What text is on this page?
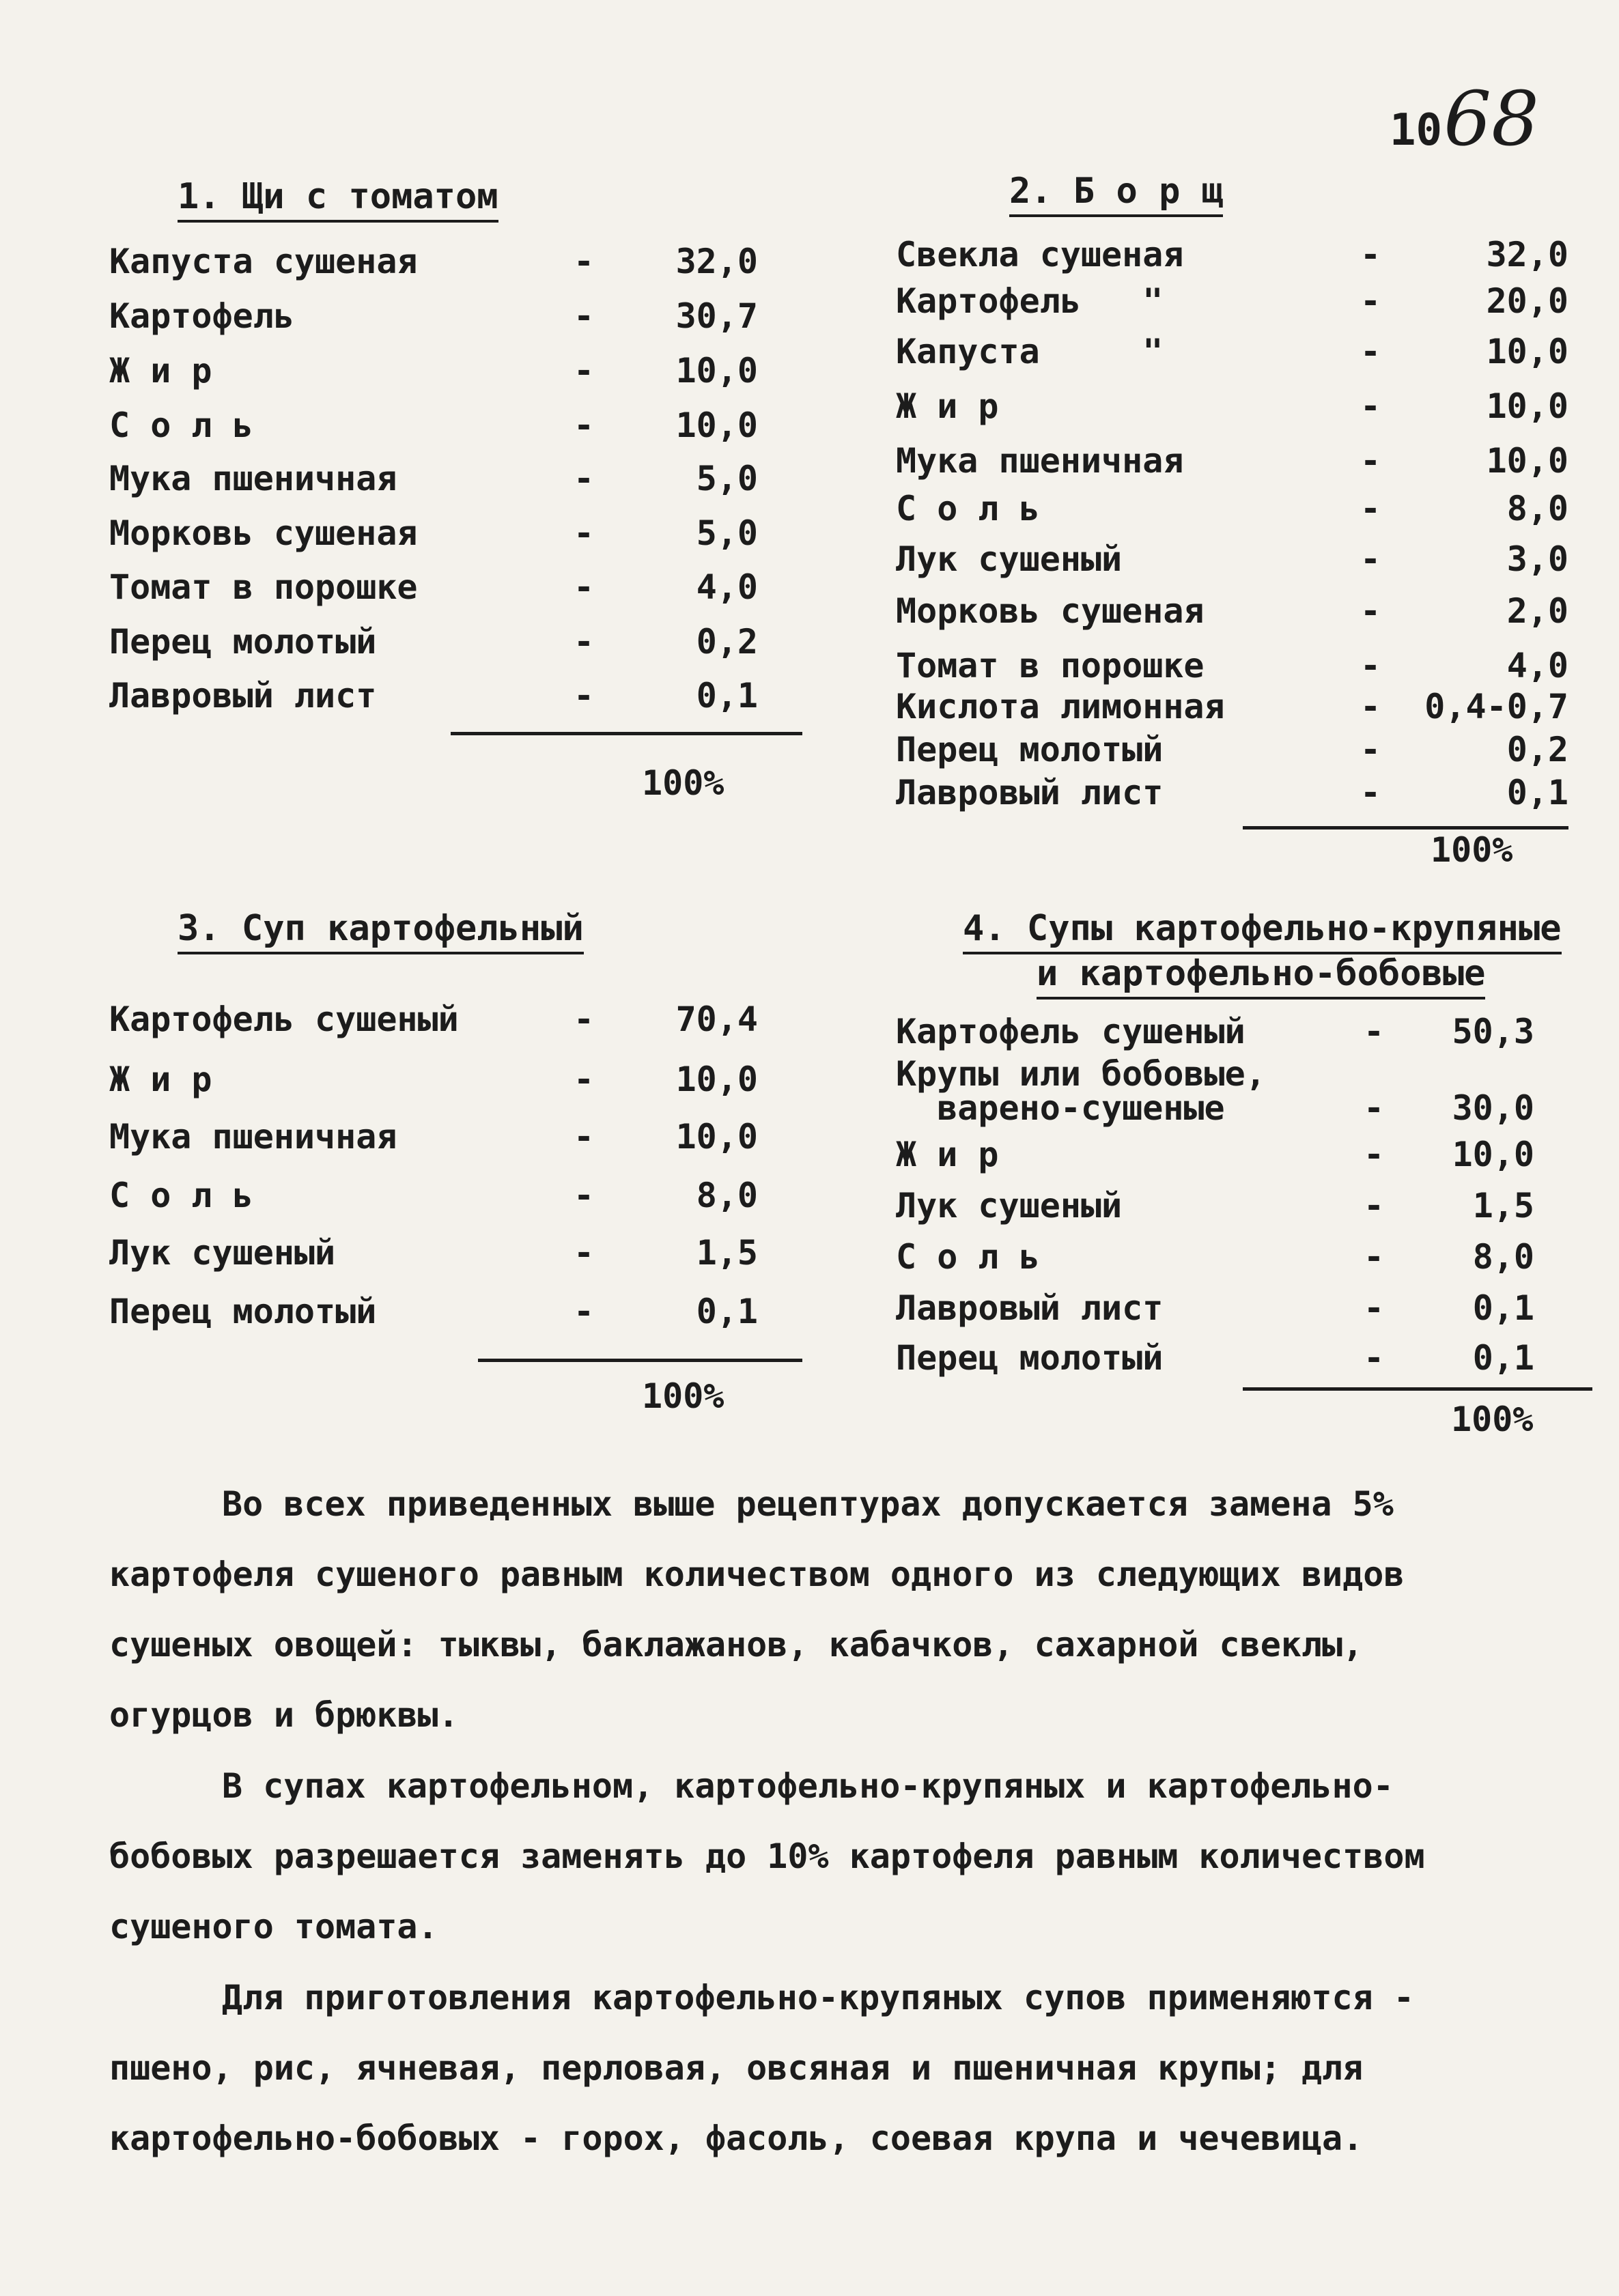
1068
1. Щи с томатом
Капуста сушеная	- 32,0
Картофель	- 30,7
Ж и р	- 10,0
С о л ь	- 10,0
Мука пшеничная	-	5,0
Морковь сушеная	-	5,0
Томат в порошке	-	4,0
Перец молотый	-	0,2
Лавровый лист	-	0,1
100%
2. Б о р щ
Свекла сушеная	-	32,0
Картофель   "	-	20,0
Капуста     "	-	10,0
Ж и р	-	10,0
Мука пшеничная	-	10,0
С о л ь	-	8,0
Лук сушеный	-	3,0
Морковь сушеная	-	2,0
Томат в порошке	-	4,0
Кислота лимонная	- 0,4-0,7
Перец молотый	-	0,2
Лавровый лист	-	0,1
100%
3. Суп картофельный
Картофель сушеный	- 70,4
Ж и р	- 10,0
Мука пшеничная	- 10,0
С о л ь	-	8,0
Лук сушеный	-	1,5
Перец молотый	-	0,1
100%
4. Супы картофельно-крупяные
и картофельно-бобовые
Картофель сушеный	- 50,3
Крупы или бобовые,
варено-сушеные	- 30,0
Ж и р	- 10,0
Лук сушеный	-	1,5
С о л ь	-	8,0
Лавровый лист	-	0,1
Перец молотый	-	0,1
100%
Во всех приведенных выше рецептурах допускается замена 5%
картофеля сушеного равным количеством одного из следующих видов
сушеных овощей: тыквы, баклажанов, кабачков, сахарной свеклы,
огурцов и брюквы.
В супах картофельном, картофельно-крупяных и картофельно-
бобовых разрешается заменять до 10% картофеля равным количеством
сушеного томата.
Для приготовления картофельно-крупяных супов применяются -
пшено, рис, ячневая, перловая, овсяная и пшеничная крупы; для
картофельно-бобовых - горох, фасоль, соевая крупа и чечевица.
